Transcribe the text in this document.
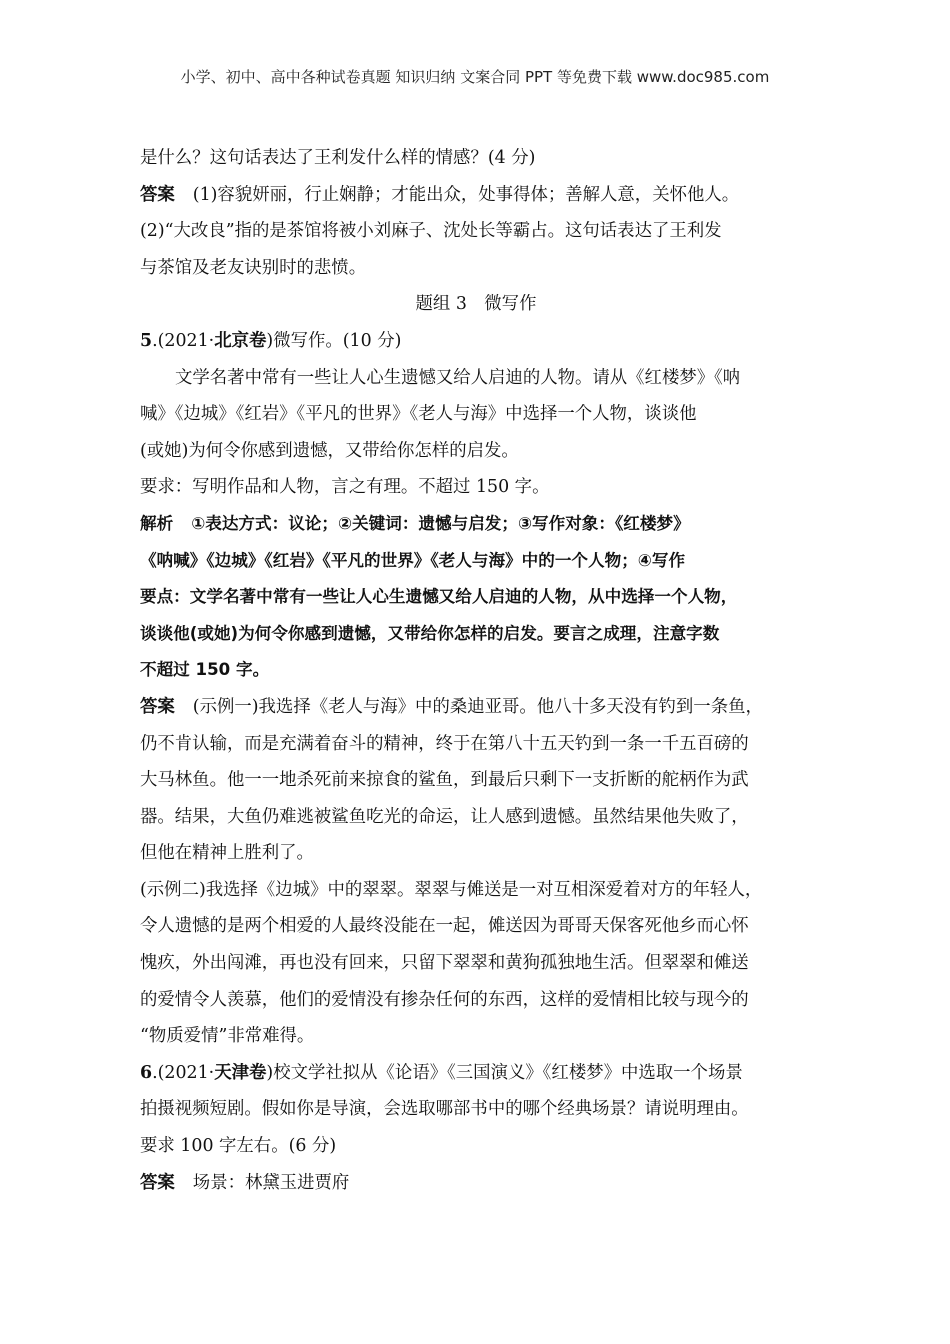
小学、初中、高中各种试卷真题 知识归纳 文案合同 PPT 等免费下载 www.doc985.com

是什么？这句话表达了王利发什么样的情感？(4 分)

答案 (1)容貌妍丽，行止娴静；才能出众，处事得体；善解人意，关怀他人。

(2)“大改良”指的是茶馆将被小刘麻子、沈处长等霸占。这句话表达了王利发

与茶馆及老友诀别时的悲愤。

题组 3　微写作

5.(2021·北京卷)微写作。(10 分)

文学名著中常有一些让人心生遗憾又给人启迪的人物。请从《红楼梦》《呐

喊》《边城》《红岩》《平凡的世界》《老人与海》中选择一个人物，谈谈他

(或她)为何令你感到遗憾，又带给你怎样的启发。

要求：写明作品和人物，言之有理。不超过 150 字。

解析 ①表达方式：议论；②关键词：遗憾与启发；③写作对象：《红楼梦》

《呐喊》《边城》《红岩》《平凡的世界》《老人与海》中的一个人物；④写作

要点：文学名著中常有一些让人心生遗憾又给人启迪的人物，从中选择一个人物，

谈谈他(或她)为何令你感到遗憾，又带给你怎样的启发。要言之成理，注意字数

不超过 150 字。

答案 (示例一)我选择《老人与海》中的桑迪亚哥。他八十多天没有钓到一条鱼，

仍不肯认输，而是充满着奋斗的精神，终于在第八十五天钓到一条一千五百磅的

大马林鱼。他一一地杀死前来掠食的鲨鱼，到最后只剩下一支折断的舵柄作为武

器。结果，大鱼仍难逃被鲨鱼吃光的命运，让人感到遗憾。虽然结果他失败了，

但他在精神上胜利了。

(示例二)我选择《边城》中的翠翠。翠翠与傩送是一对互相深爱着对方的年轻人，

令人遗憾的是两个相爱的人最终没能在一起，傩送因为哥哥天保客死他乡而心怀

愧疚，外出闯滩，再也没有回来，只留下翠翠和黄狗孤独地生活。但翠翠和傩送

的爱情令人羡慕，他们的爱情没有掺杂任何的东西，这样的爱情相比较与现今的

“物质爱情”非常难得。

6.(2021·天津卷)校文学社拟从《论语》《三国演义》《红楼梦》中选取一个场景

拍摄视频短剧。假如你是导演，会选取哪部书中的哪个经典场景？请说明理由。

要求 100 字左右。(6 分)

答案 场景：林黛玉进贾府
